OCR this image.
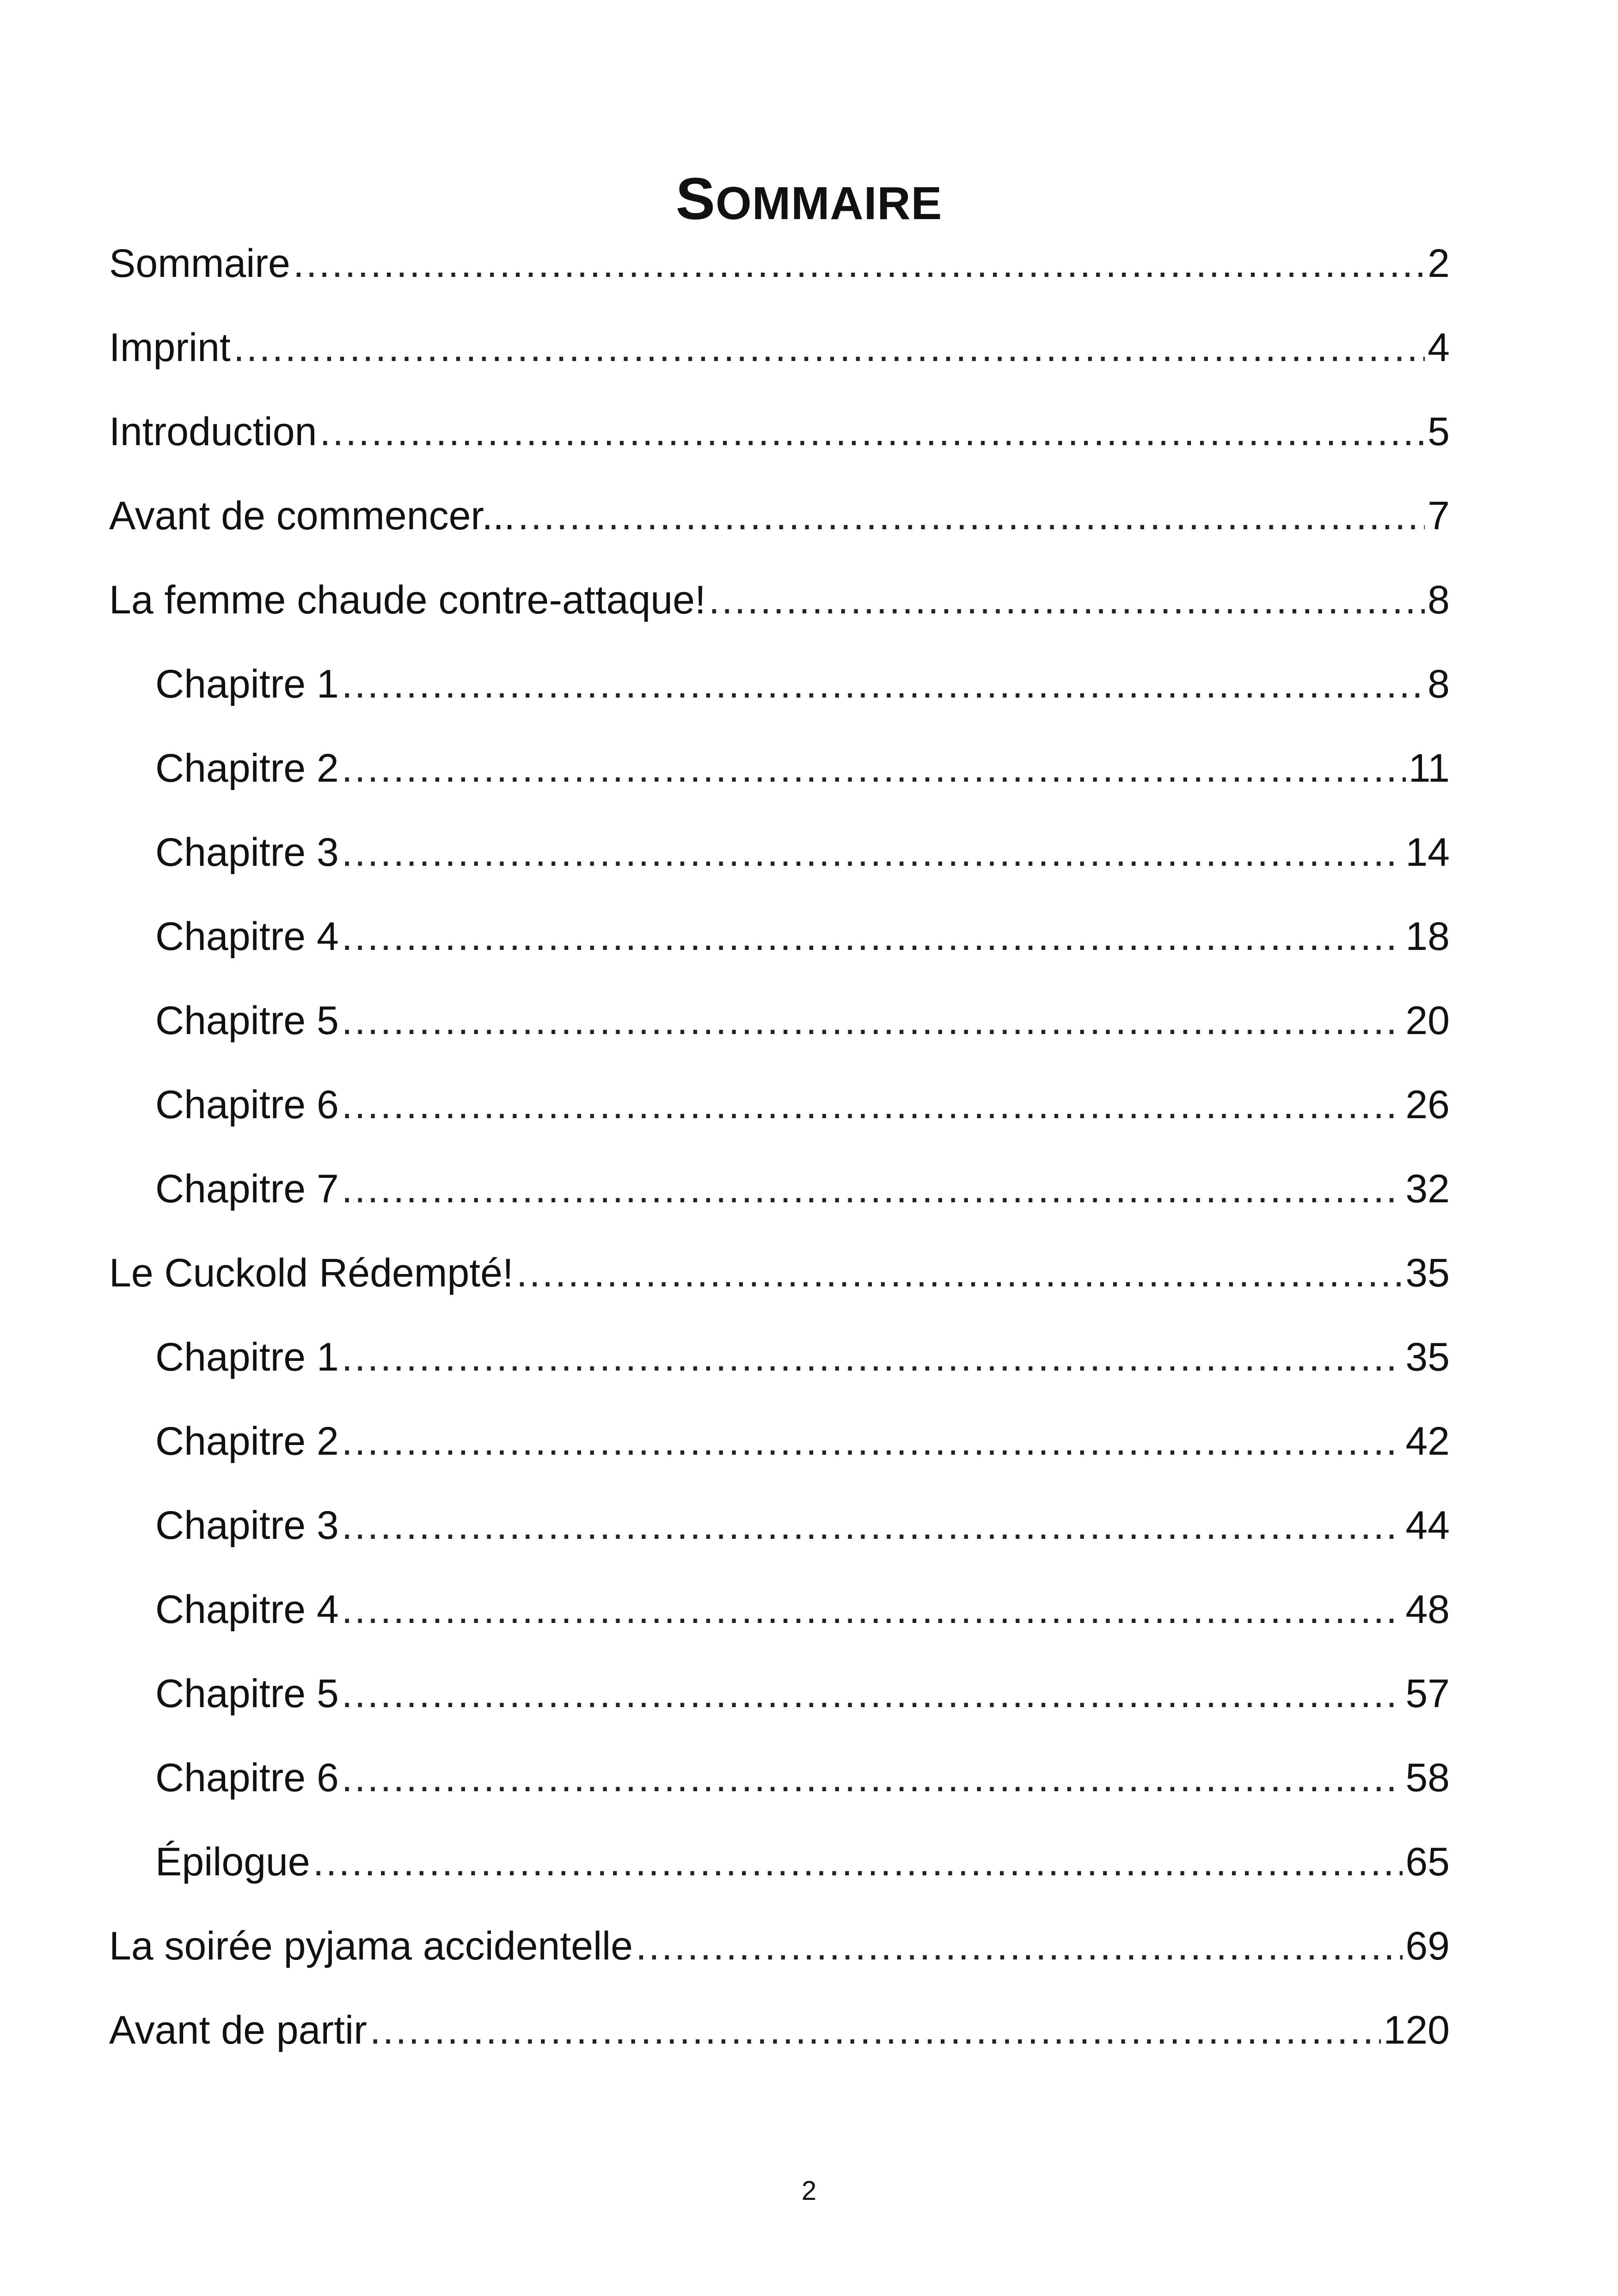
SOMMAIRE
Sommaire .....	2
Imprint .....	4
Introduction .....	5
Avant de commencer... .....	7
La femme chaude contre-attaque! .....	8
Chapitre 1 .....	8
Chapitre 2 .....	11
Chapitre 3 .....	14
Chapitre 4 .....	18
Chapitre 5 .....	20
Chapitre 6 .....	26
Chapitre 7 .....	32
Le Cuckold Rédempté! .....	35
Chapitre 1 .....	35
Chapitre 2 .....	42
Chapitre 3 .....	44
Chapitre 4 .....	48
Chapitre 5 .....	57
Chapitre 6 .....	58
Épilogue .....	65
La soirée pyjama accidentelle .....	69
Avant de partir .....	120
2
